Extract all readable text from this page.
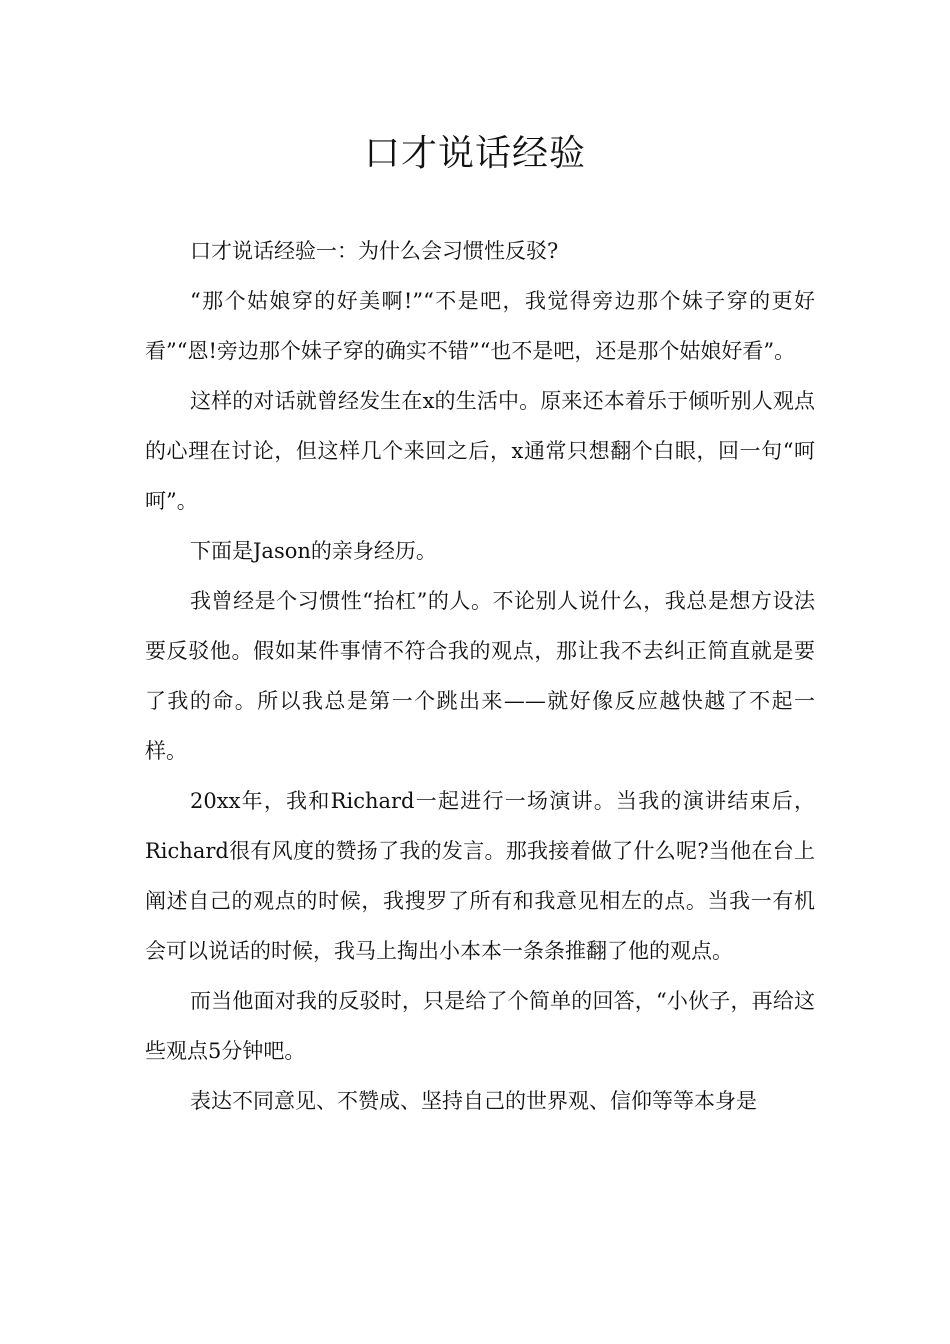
口才说话经验

口才说话经验一：为什么会习惯性反驳?

“那个姑娘穿的好美啊!”“不是吧，我觉得旁边那个妹子穿的更好看”“恩!旁边那个妹子穿的确实不错”“也不是吧，还是那个姑娘好看”。

这样的对话就曾经发生在x的生活中。原来还本着乐于倾听别人观点的心理在讨论，但这样几个来回之后，x通常只想翻个白眼，回一句“呵呵”。

下面是Jason的亲身经历。

我曾经是个习惯性“抬杠”的人。不论别人说什么，我总是想方设法要反驳他。假如某件事情不符合我的观点，那让我不去纠正简直就是要了我的命。所以我总是第一个跳出来——就好像反应越快越了不起一样。

20xx年，我和Richard一起进行一场演讲。当我的演讲结束后，Richard很有风度的赞扬了我的发言。那我接着做了什么呢?当他在台上阐述自己的观点的时候，我搜罗了所有和我意见相左的点。当我一有机会可以说话的时候，我马上掏出小本本一条条推翻了他的观点。

而当他面对我的反驳时，只是给了个简单的回答，“小伙子，再给这些观点5分钟吧。

表达不同意见、不赞成、坚持自己的世界观、信仰等等本身是
